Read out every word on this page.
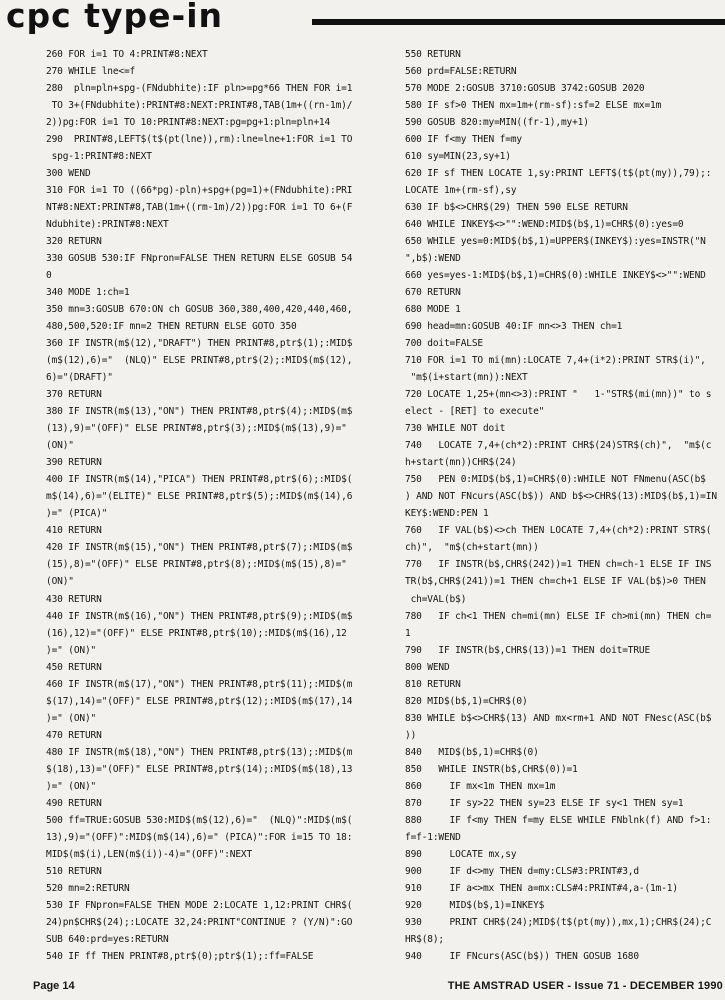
cpc type-in
260 FOR i=1 TO 4:PRINT#8:NEXT
270 WHILE lne<=f
280  pln=pln+spg-(FNdubhite):IF pln>=pg*66 THEN FOR i=1
TO 3+(FNdubhite):PRINT#8:NEXT:PRINT#8,TAB(1m+((rn-1m)/
2))pg:FOR i=1 TO 10:PRINT#8:NEXT:pg=pg+1:pln=pln+14
290  PRINT#8,LEFT$(t$(pt(lne)),rm):lne=lne+1:FOR i=1 TO
spg-1:PRINT#8:NEXT
300 WEND
310 FOR i=1 TO ((66*pg)-pln)+spg+(pg=1)+(FNdubhite):PRI
NT#8:NEXT:PRINT#8,TAB(1m+((rm-1m)/2))pg:FOR i=1 TO 6+(F
Ndubhite):PRINT#8:NEXT
320 RETURN
330 GOSUB 530:IF FNpron=FALSE THEN RETURN ELSE GOSUB 54
0
340 MODE 1:ch=1
350 mn=3:GOSUB 670:ON ch GOSUB 360,380,400,420,440,460,
480,500,520:IF mn=2 THEN RETURN ELSE GOTO 350
360 IF INSTR(m$(12),"DRAFT") THEN PRINT#8,ptr$(1);:MID$
(m$(12),6)="  (NLQ)" ELSE PRINT#8,ptr$(2);:MID$(m$(12),
6)="(DRAFT)"
370 RETURN
380 IF INSTR(m$(13),"ON") THEN PRINT#8,ptr$(4);:MID$(m$
(13),9)="(OFF)" ELSE PRINT#8,ptr$(3);:MID$(m$(13),9)="
(ON)"
390 RETURN
400 IF INSTR(m$(14),"PICA") THEN PRINT#8,ptr$(6);:MID$(
m$(14),6)="(ELITE)" ELSE PRINT#8,ptr$(5);:MID$(m$(14),6
)=" (PICA)"
410 RETURN
420 IF INSTR(m$(15),"ON") THEN PRINT#8,ptr$(7);:MID$(m$
(15),8)="(OFF)" ELSE PRINT#8,ptr$(8);:MID$(m$(15),8)="
(ON)"
430 RETURN
440 IF INSTR(m$(16),"ON") THEN PRINT#8,ptr$(9);:MID$(m$
(16),12)="(OFF)" ELSE PRINT#8,ptr$(10);:MID$(m$(16),12
)=" (ON)"
450 RETURN
460 IF INSTR(m$(17),"ON") THEN PRINT#8,ptr$(11);:MID$(m
$(17),14)="(OFF)" ELSE PRINT#8,ptr$(12);:MID$(m$(17),14
)=" (ON)"
470 RETURN
480 IF INSTR(m$(18),"ON") THEN PRINT#8,ptr$(13);:MID$(m
$(18),13)="(OFF)" ELSE PRINT#8,ptr$(14);:MID$(m$(18),13
)=" (ON)"
490 RETURN
500 ff=TRUE:GOSUB 530:MID$(m$(12),6)="  (NLQ)":MID$(m$(
13),9)="(OFF)":MID$(m$(14),6)=" (PICA)":FOR i=15 TO 18:
MID$(m$(i),LEN(m$(i))-4)="(OFF)":NEXT
510 RETURN
520 mn=2:RETURN
530 IF FNpron=FALSE THEN MODE 2:LOCATE 1,12:PRINT CHR$(
24)pn$CHR$(24);:LOCATE 32,24:PRINT"CONTINUE ? (Y/N)":GO
SUB 640:prd=yes:RETURN
540 IF ff THEN PRINT#8,ptr$(0);ptr$(1);:ff=FALSE
550 RETURN
560 prd=FALSE:RETURN
570 MODE 2:GOSUB 3710:GOSUB 3742:GOSUB 2020
580 IF sf>0 THEN mx=1m+(rm-sf):sf=2 ELSE mx=1m
590 GOSUB 820:my=MIN((fr-1),my+1)
600 IF f<my THEN f=my
610 sy=MIN(23,sy+1)
620 IF sf THEN LOCATE 1,sy:PRINT LEFT$(t$(pt(my)),79);:
LOCATE 1m+(rm-sf),sy
630 IF b$<>CHR$(29) THEN 590 ELSE RETURN
640 WHILE INKEY$<>"":WEND:MID$(b$,1)=CHR$(0):yes=0
650 WHILE yes=0:MID$(b$,1)=UPPER$(INKEY$):yes=INSTR("N
",b$):WEND
660 yes=yes-1:MID$(b$,1)=CHR$(0):WHILE INKEY$<>"":WEND
670 RETURN
680 MODE 1
690 head=mn:GOSUB 40:IF mn<>3 THEN ch=1
700 doit=FALSE
710 FOR i=1 TO mi(mn):LOCATE 7,4+(i*2):PRINT STR$(i)",
"m$(i+start(mn)):NEXT
720 LOCATE 1,25+(mn<>3):PRINT "   1-"STR$(mi(mn))" to s
elect - [RET] to execute"
730 WHILE NOT doit
740   LOCATE 7,4+(ch*2):PRINT CHR$(24)STR$(ch)",  "m$(c
h+start(mn))CHR$(24)
750   PEN 0:MID$(b$,1)=CHR$(0):WHILE NOT FNmenu(ASC(b$
) AND NOT FNcurs(ASC(b$)) AND b$<>CHR$(13):MID$(b$,1)=IN
KEY$:WEND:PEN 1
760   IF VAL(b$)<>ch THEN LOCATE 7,4+(ch*2):PRINT STR$(
ch)",  "m$(ch+start(mn))
770   IF INSTR(b$,CHR$(242))=1 THEN ch=ch-1 ELSE IF INS
TR(b$,CHR$(241))=1 THEN ch=ch+1 ELSE IF VAL(b$)>0 THEN
ch=VAL(b$)
780   IF ch<1 THEN ch=mi(mn) ELSE IF ch>mi(mn) THEN ch=
1
790   IF INSTR(b$,CHR$(13))=1 THEN doit=TRUE
800 WEND
810 RETURN
820 MID$(b$,1)=CHR$(0)
830 WHILE b$<>CHR$(13) AND mx<rm+1 AND NOT FNesc(ASC(b$
))
840   MID$(b$,1)=CHR$(0)
850   WHILE INSTR(b$,CHR$(0))=1
860     IF mx<1m THEN mx=1m
870     IF sy>22 THEN sy=23 ELSE IF sy<1 THEN sy=1
880     IF f<my THEN f=my ELSE WHILE FNblnk(f) AND f>1:
f=f-1:WEND
890     LOCATE mx,sy
900     IF d<>my THEN d=my:CLS#3:PRINT#3,d
910     IF a<>mx THEN a=mx:CLS#4:PRINT#4,a-(1m-1)
920     MID$(b$,1)=INKEY$
930     PRINT CHR$(24);MID$(t$(pt(my)),mx,1);CHR$(24);C
HR$(8);
940     IF FNcurs(ASC(b$)) THEN GOSUB 1680
Page 14	THE AMSTRAD USER - Issue 71 - DECEMBER 1990
